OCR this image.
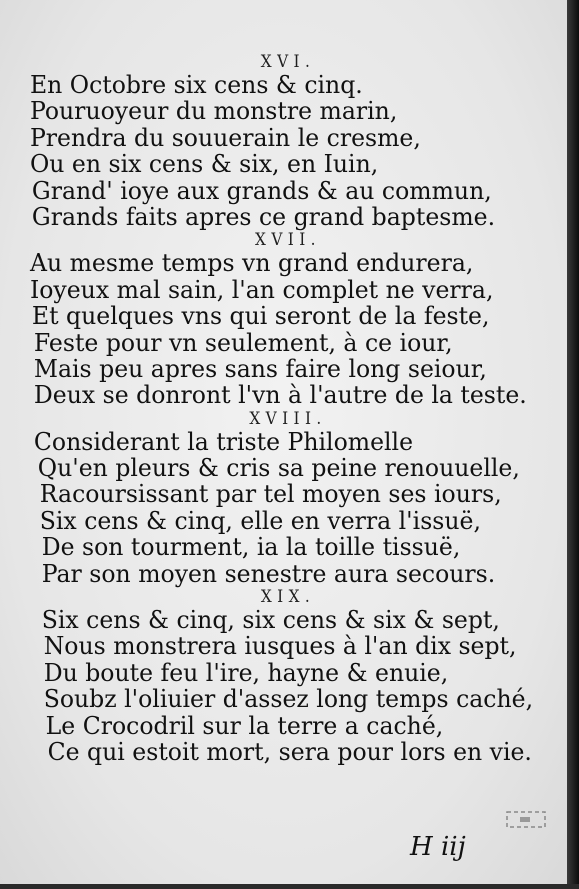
XVI.
En Octobre six cens & cinq.
Pouruoyeur du monstre marin,
Prendra du souuerain le cresme,
Ou en six cens & six, en Iuin,
Grand' ioye aux grands & au commun,
Grands faits apres ce grand baptesme.
XVII.
Au mesme temps vn grand endurera,
Ioyeux mal sain, l'an complet ne verra,
Et quelques vns qui seront de la feste,
Feste pour vn seulement, à ce iour,
Mais peu apres sans faire long seiour,
Deux se donront l'vn à l'autre de la teste.
XVIII.
Considerant la triste Philomelle
Qu'en pleurs & cris sa peine renouuelle,
Racoursissant par tel moyen ses iours,
Six cens & cinq, elle en verra l'issuë,
De son tourment, ia la toille tissuë,
Par son moyen senestre aura secours.
XIX.
Six cens & cinq, six cens & six & sept,
Nous monstrera iusques à l'an dix sept,
Du boute feu l'ire, hayne & enuie,
Soubz l'oliuier d'assez long temps caché,
Le Crocodril sur la terre a caché,
Ce qui estoit mort, sera pour lors en vie.
H iij
